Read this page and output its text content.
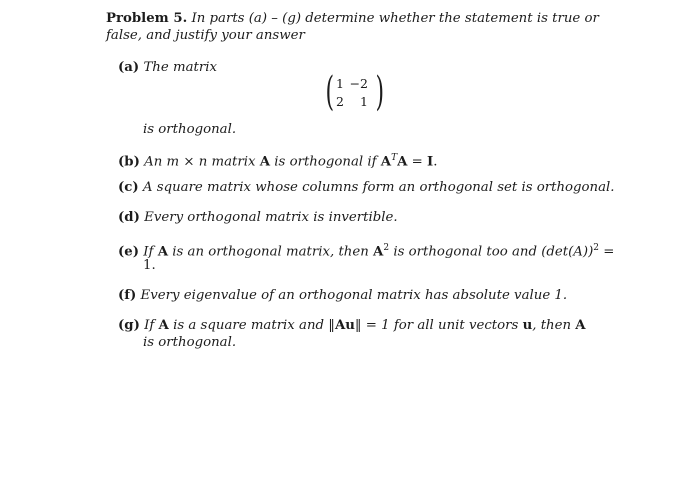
Problem 5. In parts (a) – (g) determine whether the statement is true or
false, and justify your answer
(a) The matrix
( 1 −2
2	1 )
is orthogonal.
(b) An m × n matrix A is orthogonal if $A^TA = I$.
(c) A square matrix whose columns form an orthogonal set is orthogonal.
(d) Every orthogonal matrix is invertible.
(e) If A is an orthogonal matrix, then $A^2$ is orthogonal too and $(\det(A))^2$ =
1.
(f) Every eigenvalue of an orthogonal matrix has absolute value 1.
(g) If A is a square matrix and ‖Au‖ = 1 for all unit vectors u, then A
is orthogonal.
